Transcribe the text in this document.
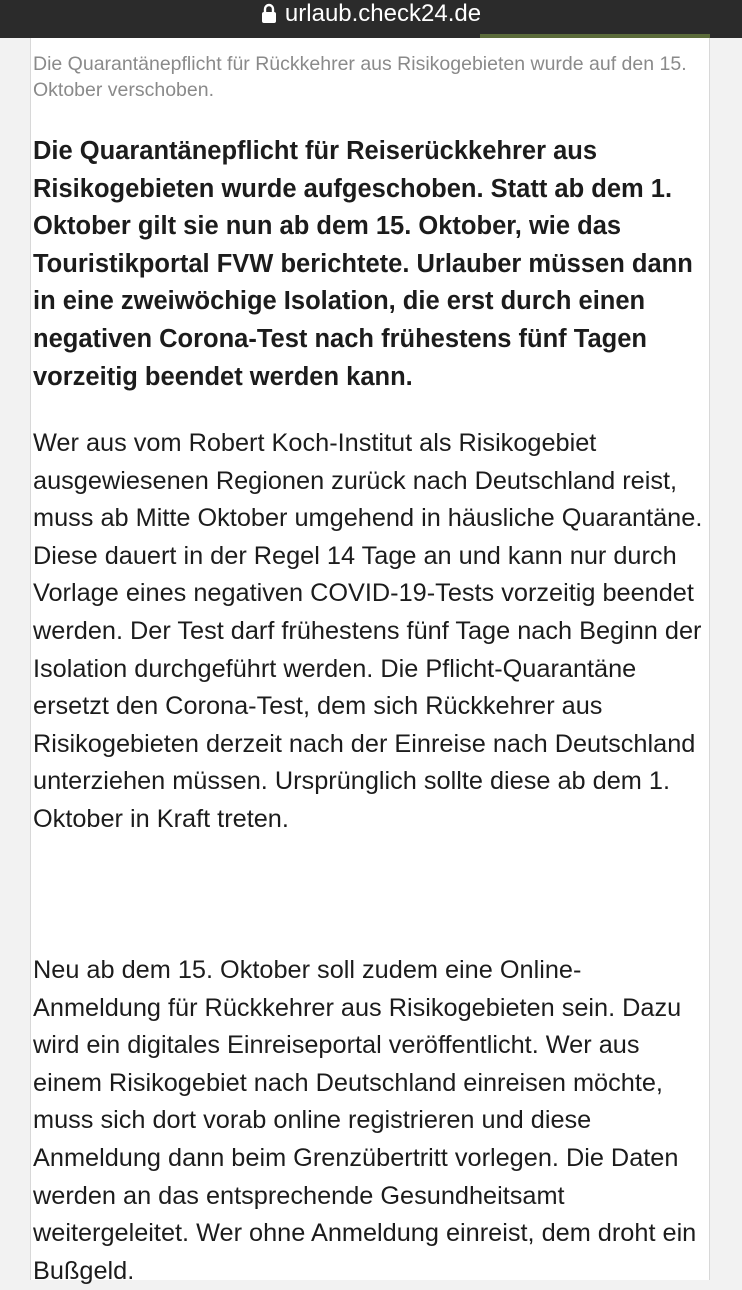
urlaub.check24.de
Die Quarantänepflicht für Rückkehrer aus Risikogebieten wurde auf den 15. Oktober verschoben.
Die Quarantänepflicht für Reiserückkehrer aus Risikogebieten wurde aufgeschoben. Statt ab dem 1. Oktober gilt sie nun ab dem 15. Oktober, wie das Touristikportal FVW berichtete. Urlauber müssen dann in eine zweiwöchige Isolation, die erst durch einen negativen Corona-Test nach frühestens fünf Tagen vorzeitig beendet werden kann.
Wer aus vom Robert Koch-Institut als Risikogebiet ausgewiesenen Regionen zurück nach Deutschland reist, muss ab Mitte Oktober umgehend in häusliche Quarantäne. Diese dauert in der Regel 14 Tage an und kann nur durch Vorlage eines negativen COVID-19-Tests vorzeitig beendet werden. Der Test darf frühestens fünf Tage nach Beginn der Isolation durchgeführt werden. Die Pflicht-Quarantäne ersetzt den Corona-Test, dem sich Rückkehrer aus Risikogebieten derzeit nach der Einreise nach Deutschland unterziehen müssen. Ursprünglich sollte diese ab dem 1. Oktober in Kraft treten.
Neu ab dem 15. Oktober soll zudem eine Online-Anmeldung für Rückkehrer aus Risikogebieten sein. Dazu wird ein digitales Einreiseportal veröffentlicht. Wer aus einem Risikogebiet nach Deutschland einreisen möchte, muss sich dort vorab online registrieren und diese Anmeldung dann beim Grenzübertritt vorlegen. Die Daten werden an das entsprechende Gesundheitsamt weitergeleitet. Wer ohne Anmeldung einreist, dem droht ein Bußgeld.
